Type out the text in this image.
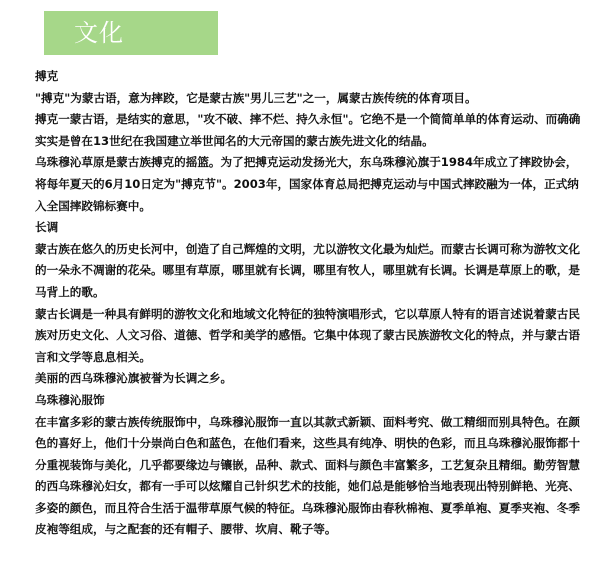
文化

搏克

"搏克"为蒙古语，意为摔跤，它是蒙古族"男儿三艺"之一，属蒙古族传统的体育项目。

搏克一蒙古语，是结实的意思，"攻不破、摔不烂、持久永恒"。它绝不是一个简简单单的体育运动、而确确实实是曾在13世纪在我国建立举世闻名的大元帝国的蒙古族先进文化的结晶。

乌珠穆沁草原是蒙古族搏克的摇篮。为了把搏克运动发扬光大，东乌珠穆沁旗于1984年成立了摔跤协会，将每年夏天的6月10日定为"搏克节"。2003年，国家体育总局把搏克运动与中国式摔跤融为一体，正式纳入全国摔跤锦标赛中。

长调

蒙古族在悠久的历史长河中，创造了自己辉煌的文明，尤以游牧文化最为灿烂。而蒙古长调可称为游牧文化的一朵永不凋谢的花朵。哪里有草原，哪里就有长调，哪里有牧人，哪里就有长调。长调是草原上的歌，是马背上的歌。

蒙古长调是一种具有鲜明的游牧文化和地域文化特征的独特演唱形式，它以草原人特有的语言述说着蒙古民族对历史文化、人文习俗、道德、哲学和美学的感悟。它集中体现了蒙古民族游牧文化的特点，并与蒙古语言和文学等息息相关。

美丽的西乌珠穆沁旗被誉为长调之乡。

乌珠穆沁服饰

在丰富多彩的蒙古族传统服饰中，乌珠穆沁服饰一直以其款式新颖、面料考究、做工精细而别具特色。在颜色的喜好上，他们十分崇尚白色和蓝色，在他们看来，这些具有纯净、明快的色彩，而且乌珠穆沁服饰都十分重视装饰与美化，几乎都要缘边与镶嵌，品种、款式、面料与颜色丰富繁多，工艺复杂且精细。勤劳智慧的西乌珠穆沁妇女，都有一手可以炫耀自己针织艺术的技能，她们总是能够恰当地表现出特别鲜艳、光亮、多姿的颜色，而且符合生活于温带草原气候的特征。乌珠穆沁服饰由春秋棉袍、夏季单袍、夏季夹袍、冬季皮袍等组成，与之配套的还有帽子、腰带、坎肩、靴子等。
